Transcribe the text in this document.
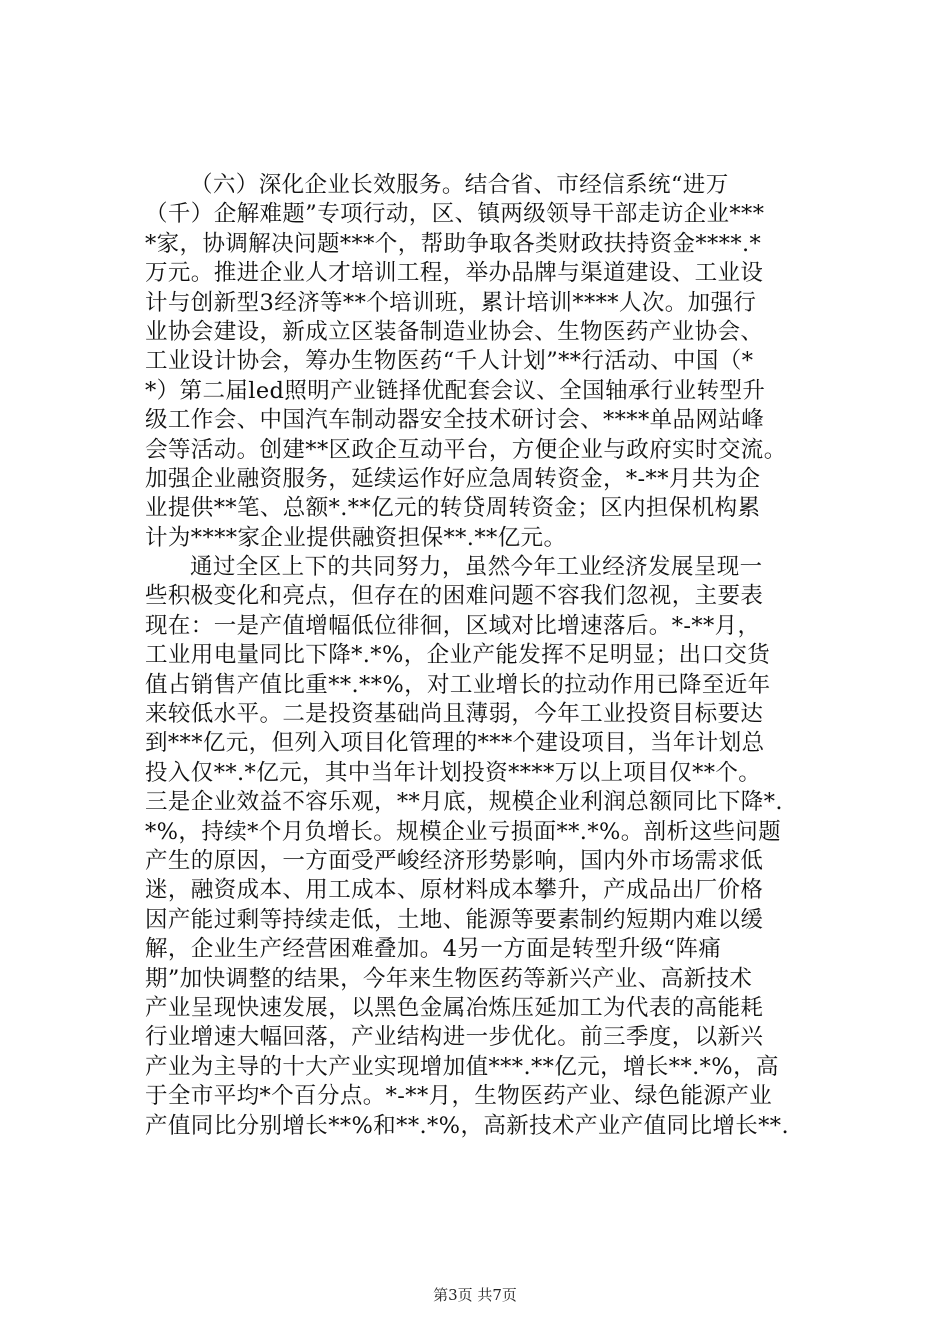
（六）深化企业长效服务。结合省、市经信系统“进万
（千）企解难题”专项行动，区、镇两级领导干部走访企业***
*家，协调解决问题***个，帮助争取各类财政扶持资金****.*
万元。推进企业人才培训工程，举办品牌与渠道建设、工业设
计与创新型3经济等**个培训班，累计培训****人次。加强行
业协会建设，新成立区装备制造业协会、生物医药产业协会、
工业设计协会，筹办生物医药“千人计划”**行活动、中国（*
*）第二届led照明产业链择优配套会议、全国轴承行业转型升
级工作会、中国汽车制动器安全技术研讨会、****单品网站峰
会等活动。创建**区政企互动平台，方便企业与政府实时交流。
加强企业融资服务，延续运作好应急周转资金，*-**月共为企
业提供**笔、总额*.**亿元的转贷周转资金；区内担保机构累
计为****家企业提供融资担保**.**亿元。
通过全区上下的共同努力，虽然今年工业经济发展呈现一
些积极变化和亮点，但存在的困难问题不容我们忽视，主要表
现在：一是产值增幅低位徘徊，区域对比增速落后。*-**月，
工业用电量同比下降*.*%，企业产能发挥不足明显；出口交货
值占销售产值比重**.**%，对工业增长的拉动作用已降至近年
来较低水平。二是投资基础尚且薄弱，今年工业投资目标要达
到***亿元，但列入项目化管理的***个建设项目，当年计划总
投入仅**.*亿元，其中当年计划投资****万以上项目仅**个。
三是企业效益不容乐观，**月底，规模企业利润总额同比下降*.
*%，持续*个月负增长。规模企业亏损面**.*%。剖析这些问题
产生的原因，一方面受严峻经济形势影响，国内外市场需求低
迷，融资成本、用工成本、原材料成本攀升，产成品出厂价格
因产能过剩等持续走低，土地、能源等要素制约短期内难以缓
解，企业生产经营困难叠加。4另一方面是转型升级“阵痛
期”加快调整的结果，今年来生物医药等新兴产业、高新技术
产业呈现快速发展，以黑色金属冶炼压延加工为代表的高能耗
行业增速大幅回落，产业结构进一步优化。前三季度，以新兴
产业为主导的十大产业实现增加值***.**亿元，增长**.*%，高
于全市平均*个百分点。*-**月，生物医药产业、绿色能源产业
产值同比分别增长**%和**.*%，高新技术产业产值同比增长**.
第3页 共7页
